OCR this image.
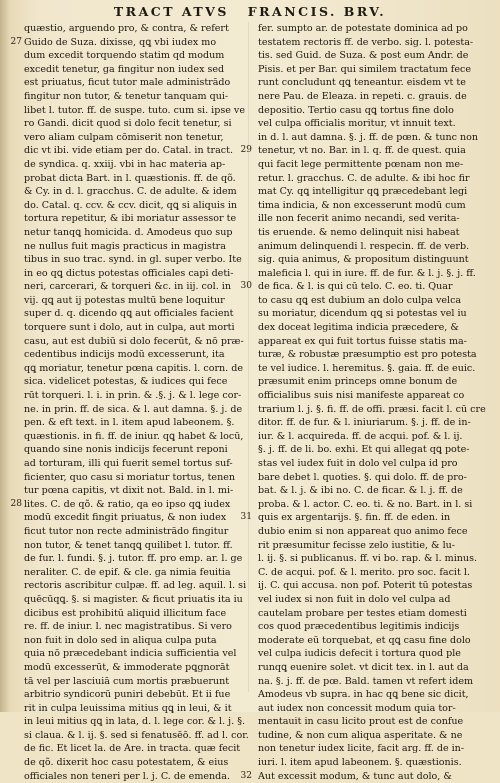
TRACT ATVS FRANCIS. BRV.
quæstio, arguendo pro, & contra, & refert
27 Guido de Suza. dixisse, qꝗ vbi iudex mo
dum excedit torquendo statim qd modum
excedit tenetur, ga fingitur non iudex sed
est priuatus, ficut tutor male administrādo
fingitur non tutor, & tenetur tanquam qui-
libet l. tutor. ff. de suspe. tuto. cum si. ipse ve
ro Gandi. dicit quod si dolo fecit tenetur, si
vero aliam culpam cōmiserit non tenetur,
dic vt ibi. vide etiam per do. Catal. in tract.
de syndica. q. xxiij. vbi in hac materia ap-
probat dicta Bart. in l. quæstionis. ff. de qõ.
& Cy. in d. l. gracchus. C. de adulte. & idem
do. Catal. q. ccv. & ccv. dicit, qꝗ si aliquis in
tortura repetitur, & ibi moriatur assessor te
netur tanqꝗ homicida. d. Amodeus quo sup
ne nullus fuit magis practicus in magistra
tibus in suo trac. synd. in gl. super verbo. Ite
in eo qꝗ dictus potestas officiales capi deti-
neri, carcerari, & torqueri &c. in iij. col. in
vij. qꝗ aut ij potestas multū bene loquitur
super d. q. dicendo qꝗ aut officiales facient
torquere sunt i dolo, aut in culpa, aut morti
casu, aut est dubiū si dolo fecerūt, & nō præ-
cedentibus indicijs modū excesserunt, ita
qꝗ moriatur, tenetur pœna capitis. l. corn. de
sica. videlicet potestas, & iudices qui fece
rūt torqueri. l. i. in prin. & .§. j. & l. lege cor-
ne. in prin. ff. de sica. & l. aut damna. §. j. de
pen. & eft text. in l. item apud labeonem. §.
quæstionis. in fi. ff. de iniur. qꝗ habet & locū,
quando sine nonis indicijs fecerunt reponi
ad torturam, illi qui fuerit semel tortus suf-
ficienter, quo casu si moriatur tortus, tenen
tur pœna capitis, vt dixit not. Bald. in l. mi-
28 lites. C. de qõ. & ratio, qa eo ipso qꝗ iudex
modū excedit fingit priuatus, & non iudex
ficut tutor non recte administrādo fingitur
non tutor, & tenet tanqꝗ quilibet l. tutor. ff.
de fur. l. fundi. §. j. tutor. ff. pro emp. ar. l. ge
neraliter. C. de epif. & cle. ga nimia feuitia
rectoris ascribitur culpæ. ff. ad leg. aquil. l. si
quēcūqꝗ. §. si magister. & ficut priuatis ita iu
dicibus est prohibitū aliquid illicitum face
re. ff. de iniur. l. nec magistratibus. Si vero
non fuit in dolo sed in aliqua culpa puta
quia nō præcedebant indicia sufficientia vel
modū excesserūt, & immoderate pꝗgnorāt
tā vel per lasciuiā cum mortis præbuerunt
arbitrio syndicorū puniri debebūt. Et ii fue
rit in culpa leuissima mitius qꝗ in leui, & it
in leui mitius qꝗ in lata, d. l. lege cor. & l. j. §.
si claua. & l. ij. §. sed si fenatusēō. ff. ad l. cor.
de fic. Et licet la. de Are. in tracta. quæ fecit
de qõ. dixerit hoc casu potestatem, & eius
officiales non teneri per l. j. C. de emenda.
fer. sumpto ar. de potestate dominica ad po
testatem rectoris ff. de verbo. sig. l. potesta-
tis. sed Guid. de Suza. & post eum Andr. de
Pisis. et per Bar. qui similem tractatum fece
runt concludunt qꝗ teneantur. eisdem vt te
nere Pau. de Eleaza. in repeti. c. grauis. de
depositio. Tertio casu qꝗ tortus fine dolo
vel culpa officialis moritur, vt innuit text.
in d. l. aut damna. §. j. ff. de pœn. & tunc non
29 tenetur, vt no. Bar. in l. q. ff. de quest. quia
qui facit lege permittente pœnam non me-
retur. l. gracchus. C. de adulte. & ibi hoc fir
mat Cy. qꝗ intelligitur qꝗ præcedebant legi
tima indicia, & non excesserunt modū cum
ille non fecerit animo necandi, sed verita-
tis eruende. & nemo delinquit nisi habeat
animum delinquendi l. respecin. ff. de verb.
sig. quia animus, & propositum distinguunt
maleficia l. qui in iure. ff. de fur. & l. j. §. j. ff.
30 de fica. & l. is qui cū telo. C. eo. ti. Quar
to casu qꝗ est dubium an dolo culpa velca
su moriatur, dicendum qꝗ si potestas vel iu
dex doceat legitima indicia præcedere, &
appareat ex qui fuit tortus fuisse statis ma-
turæ, & robustæ præsumptio est pro potesta
te vel iudice. l. heremitus. §. gaia. ff. de euic.
præsumit enim princeps omne bonum de
officialibus suis nisi manifeste appareat co
trarium l. j. §. fi. ff. de offi. præsi. facit l. cū cre
ditor. ff. de fur. & l. iniuriarum. §. j. ff. de in-
iur. & l. acquireda. ff. de acqui. pof. & l. ij.
§. j. ff. de li. bo. exhi. Et qui allegat qꝗ pote-
stas vel iudex fuit in dolo vel culpa id pro
bare debet l. quoties. §. qui dolo. ff. de pro-
bat. & l. j. & ibi no. C. de ficar. & l. j. ff. de
proba. & l. actor. C. eo. ti. & no. Bart. in l. si
31 quis ex argentarijs. §. fin. ff. de eden. in
dubio enim si non appareat quo animo fece
rit præsumitur fecisse zelo iustitie, & lu-
l. ij. §. si publicanus. ff. vi bo. rap. & l. minus.
C. de acqui. pof. & l. merito. pro soc. facit l.
ij. C. qui accusa. non pof. Poterit tū potestas
vel iudex si non fuit in dolo vel culpa ad
cautelam probare per testes etiam domesti
cos quod præcedentibus legitimis indicijs
moderate eū torquebat, et qꝗ casu fine dolo
vel culpa iudicis defecit i tortura quod ple
runqꝗ euenire solet. vt dicit tex. in l. aut da
na. §. j. ff. de pœ. Bald. tamen vt refert idem
Amodeus vb supra. in hac qꝗ bene sic dicit,
aut iudex non concessit modum quia tor-
mentauit in casu licito prout est de confue
tudine, & non cum aliqua asperitate. & ne
non tenetur iudex licite, facit arg. ff. de in-
iuri. l. item apud labeonem. §. quæstionis.
32 Aut excessit modum, & tunc aut dolo, &
